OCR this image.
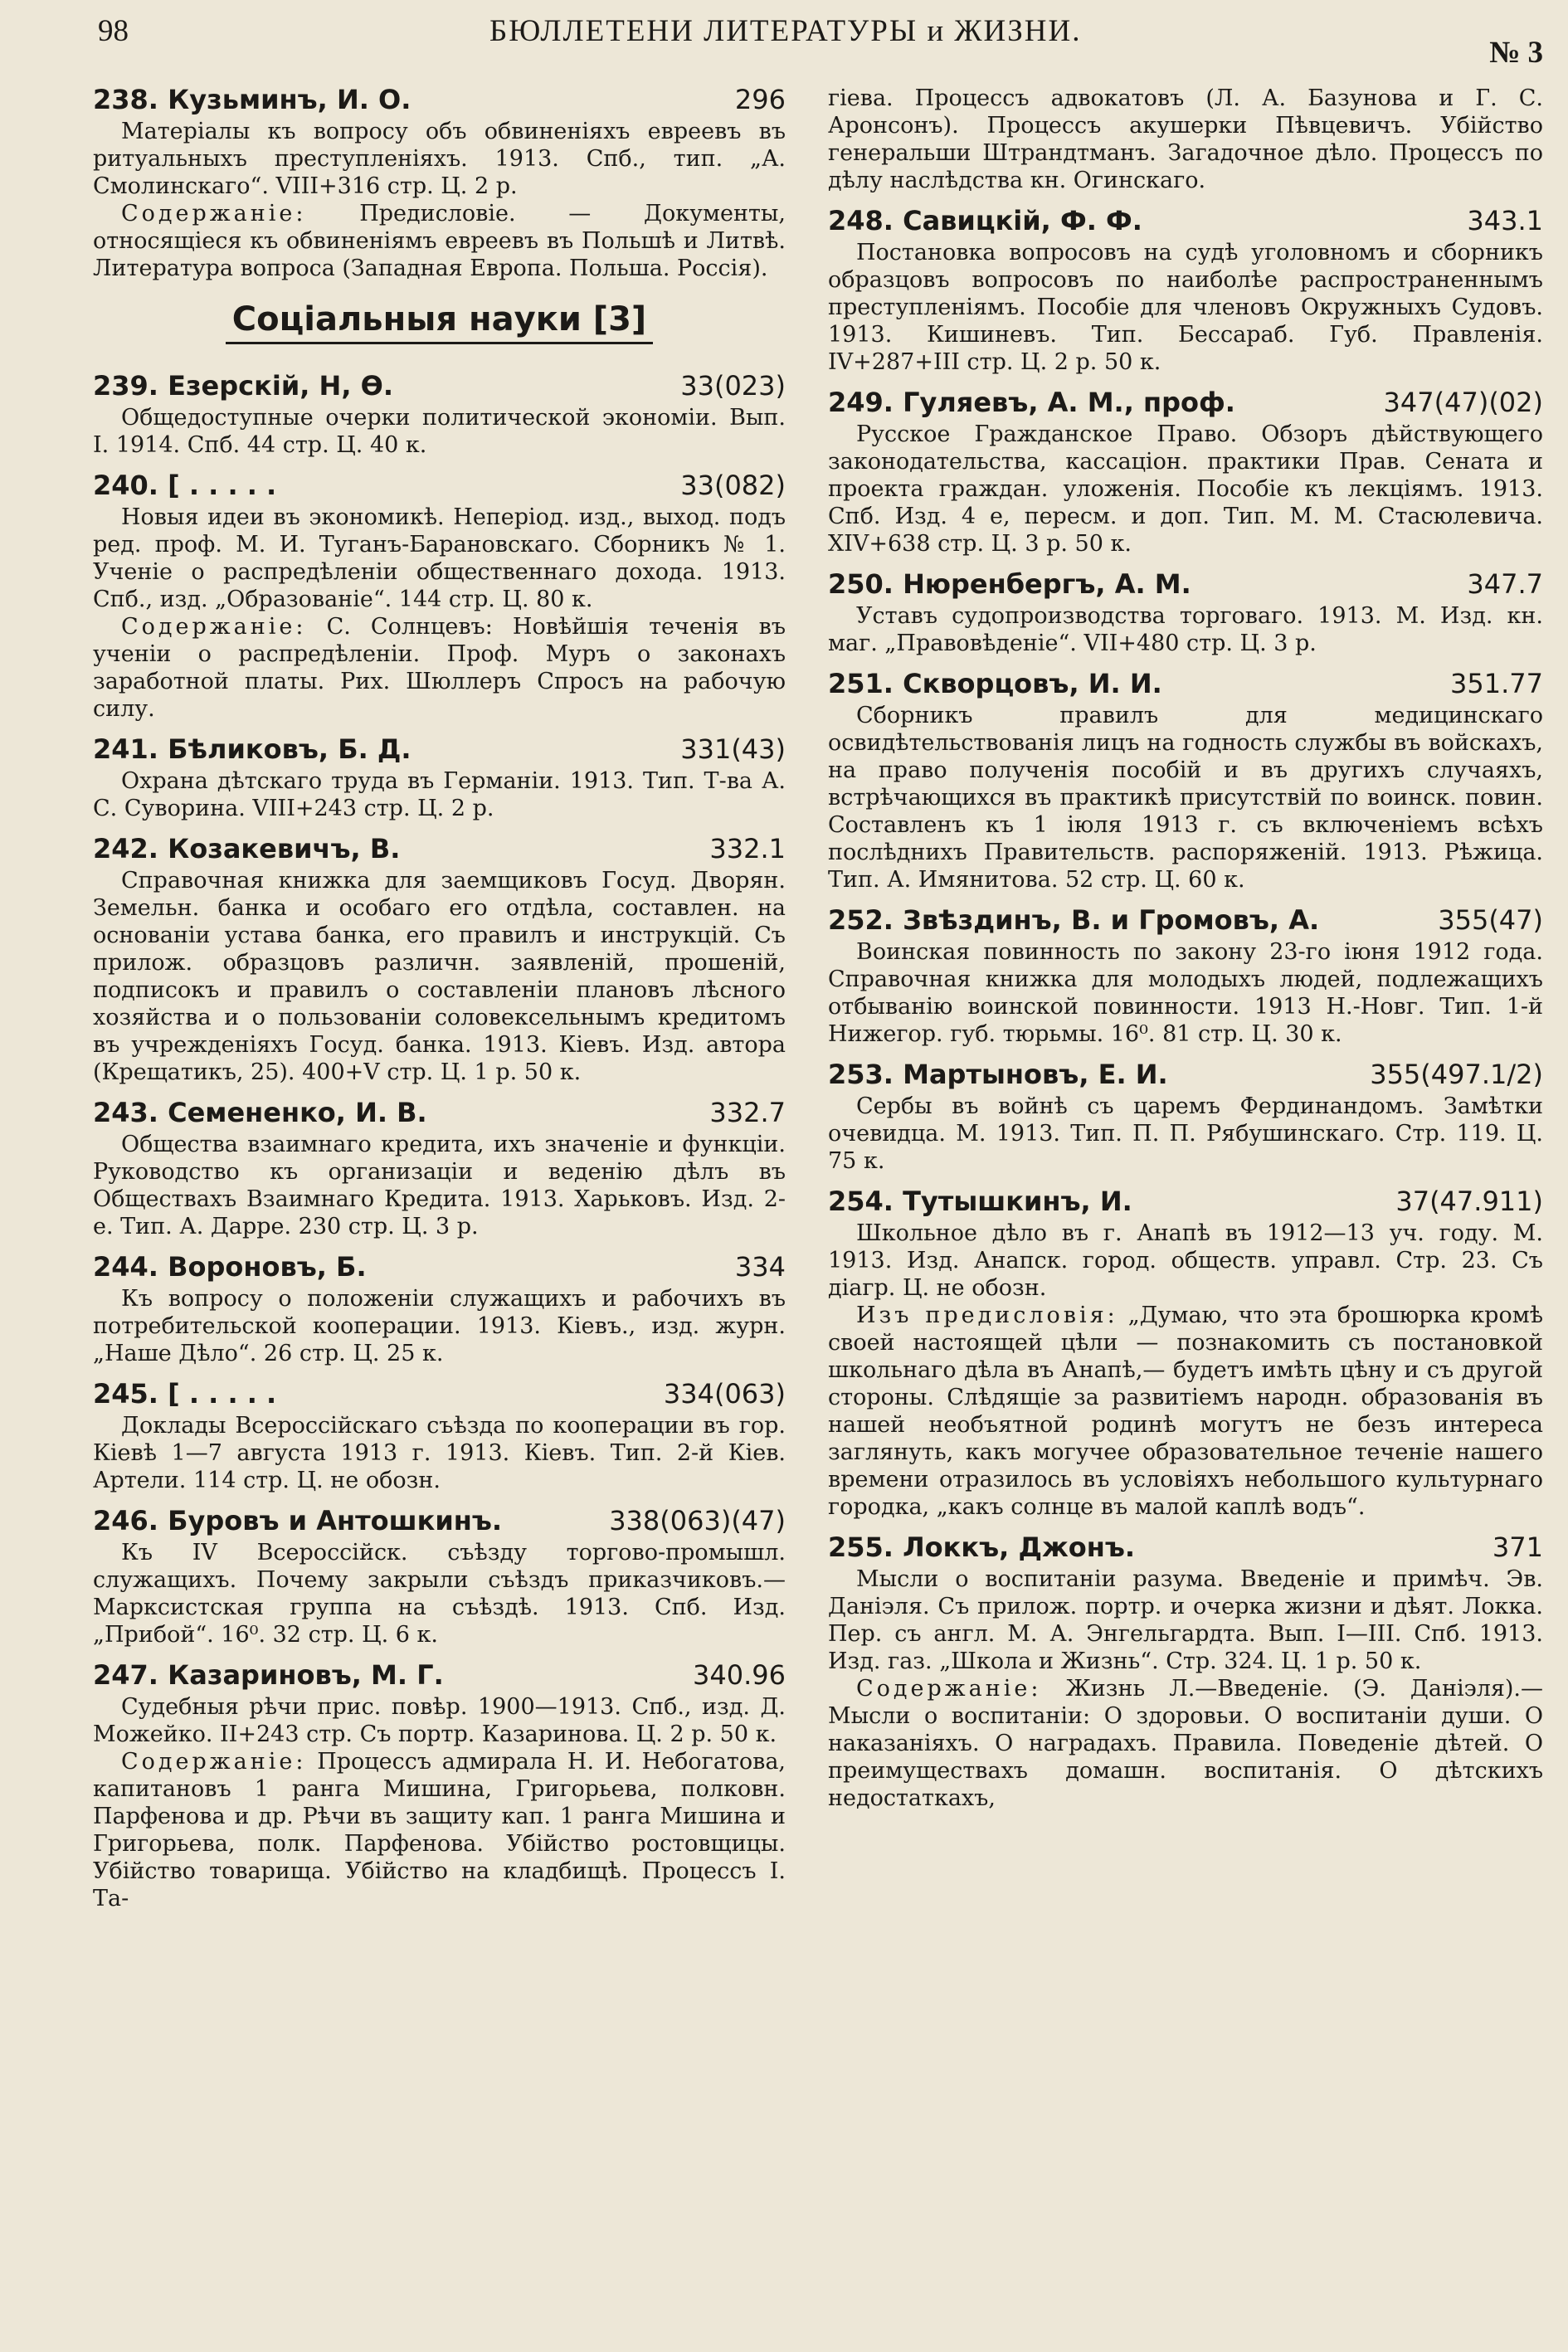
98	БЮЛЛЕТЕНИ ЛИТЕРАТУРЫ и ЖИЗНИ.
№ 3
238. Кузьминъ, И. О.	296

Матеріалы къ вопросу объ обвиненіяхъ евреевъ въ ритуальныхъ преступленіяхъ. 1913. Спб., тип. „А. Смолинскаго“. VIII+316 стр. Ц. 2 р.

Содержаніе: Предисловіе. — Документы, относящіеся къ обвиненіямъ евреевъ въ Польшѣ и Литвѣ. Литература вопроса (Западная Европа. Польша. Россія).

Соціальныя науки [3]
239. Езерскій, Н, Ѳ.	33(023)

Общедоступные очерки политической экономіи. Вып. I. 1914. Спб. 44 стр. Ц. 40 к.

240. [ . . . . .	33(082)

Новыя идеи въ экономикѣ. Непеpioд. изд., выход. подъ ред. проф. М. И. Туганъ-Барановскаго. Сборникъ № 1. Ученіе о распредѣленіи общественнаго дохода. 1913. Спб., изд. „Образованіе“. 144 стр. Ц. 80 к.

Содержаніе: С. Солнцевъ: Новѣйшія теченія въ ученіи о распредѣленіи. Проф. Муръ о законахъ заработной платы. Рих. Шюллеръ Спросъ на рабочую силу.

241. Бѣликовъ, Б. Д.	331(43)

Охрана дѣтскаго труда въ Германіи. 1913. Тип. Т-ва А. С. Суворина. VIII+243 стр. Ц. 2 р.

242. Козакевичъ, В.	332.1

Справочная книжка для заемщиковъ Госуд. Дворян. Земельн. банка и особаго его отдѣла, составлен. на основаніи устава банка, его правилъ и инструкцій. Съ прилож. образцовъ различн. заявленій, прошеній, подписокъ и правилъ о составленіи плановъ лѣсного хозяйства и о пользованіи соловексельнымъ кредитомъ въ учрежденіяхъ Госуд. банка. 1913. Кіевъ. Изд. автора (Крещатикъ, 25). 400+V стр. Ц. 1 р. 50 к.

243. Семененко, И. В.	332.7

Общества взаимнаго кредита, ихъ значеніе и функціи. Руководство къ организаціи и веденію дѣлъ въ Обществахъ Взаимнаго Кредита. 1913. Харьковъ. Изд. 2-е. Тип. А. Дарре. 230 стр. Ц. 3 р.

244. Вороновъ, Б.	334

Къ вопросу о положеніи служащихъ и рабочихъ въ потребительской кооперации. 1913. Кіевъ., изд. журн. „Наше Дѣло“. 26 стр. Ц. 25 к.

245. [ . . . . .	334(063)

Доклады Всероссійскаго съѣзда по кооперации въ гор. Кіевѣ 1—7 августа 1913 г. 1913. Кіевъ. Тип. 2-й Кіев. Артели. 114 стр. Ц. не обозн.

246. Буровъ и Антошкинъ.	338(063)(47)

Къ IV Всероссійск. съѣзду торгово-промышл. служащихъ. Почему закрыли съѣздъ приказчиковъ.—Марксистская группа на съѣздѣ. 1913. Спб. Изд. „Прибой“. 16⁰. 32 стр. Ц. 6 к.

247. Казариновъ, М. Г.	340.96

Судебныя рѣчи прис. повѣр. 1900—1913. Спб., изд. Д. Можейко. II+243 стр. Съ портр. Казаринова. Ц. 2 р. 50 к.

Содержаніе: Процессъ адмирала Н. И. Небогатова, капитановъ 1 ранга Мишина, Григорьева, полковн. Парфенова и др. Рѣчи въ защиту кап. 1 ранга Мишина и Григорьева, полк. Парфенова. Убійство ростовщицы. Убійство товарища. Убійство на кладбищѣ. Процессъ І. Та-

гіева. Процессъ адвокатовъ (Л. А. Базунова и Г. С. Аронсонъ). Процессъ акушерки Пѣвцевичъ. Убійство генеральши Штрандтманъ. Загадочное дѣло. Процессъ по дѣлу наслѣдства кн. Огинскаго.

248. Савицкій, Ф. Ф.	343.1

Постановка вопросовъ на судѣ уголовномъ и сборникъ образцовъ вопросовъ по наиболѣе распространеннымъ преступленіямъ. Пособіе для членовъ Окружныхъ Судовъ. 1913. Кишиневъ. Тип. Бессараб. Губ. Правленія. IV+287+III стр. Ц. 2 р. 50 к.

249. Гуляевъ, А. М., проф.	347(47)(02)

Русское Гражданское Право. Обзоръ дѣйствующего законодательства, кассаціон. практики Прав. Сената и проекта граждан. уложенія. Пособіе къ лекціямъ. 1913. Спб. Изд. 4 е, пересм. и доп. Тип. М. М. Стасюлевича. XIV+638 стр. Ц. 3 р. 50 к.

250. Нюренбергъ, А. М.	347.7

Уставъ судопроизводства торговаго. 1913. М. Изд. кн. маг. „Правовѣденіе“. VII+480 стр. Ц. 3 р.

251. Скворцовъ, И. И.	351.77

Сборникъ правилъ для медицинскаго освидѣтельствованія лицъ на годность службы въ войскахъ, на право полученія пособій и въ другихъ случаяхъ, встрѣчающихся въ практикѣ присутствій по воинск. повин. Составленъ къ 1 іюля 1913 г. съ включеніемъ всѣхъ послѣднихъ Правительств. распоряженій. 1913. Рѣжица. Тип. А. Имянитова. 52 стр. Ц. 60 к.

252. Звѣздинъ, В. и Громовъ, А.	355(47)

Воинская повинность по закону 23-го іюня 1912 года. Справочная книжка для молодыхъ людей, подлежащихъ отбыванію воинской повинности. 1913 Н.-Новг. Тип. 1-й Нижегор. губ. тюрьмы. 16⁰. 81 стр. Ц. 30 к.

253. Мартыновъ, Е. И.	355(497.1/2)

Сербы въ войнѣ съ царемъ Фердинандомъ. Замѣтки очевидца. М. 1913. Тип. П. П. Рябушинскаго. Стр. 119. Ц. 75 к.

254. Тутышкинъ, И.	37(47.911)

Школьное дѣло въ г. Анапѣ въ 1912—13 уч. году. М. 1913. Изд. Анапск. город. обществ. управл. Стр. 23. Съ діагр. Ц. не обозн.

Изъ предисловія: „Думаю, что эта брошюрка кромѣ своей настоящей цѣли — познакомить съ постановкой школьнаго дѣла въ Анапѣ,— будетъ имѣть цѣну и съ другой стороны. Слѣдящіе за развитіемъ народн. образованія въ нашей необъятной родинѣ могутъ не безъ интереса заглянуть, какъ могучее образовательное теченіе нашего времени отразилось въ условіяхъ небольшого культурнаго городка, „какъ солнце въ малой каплѣ водъ“.

255. Локкъ, Джонъ.	371

Мысли о воспитаніи разума. Введеніе и примѣч. Эв. Даніэля. Съ прилож. портр. и очерка жизни и дѣят. Локка. Пер. съ англ. М. А. Энгельгардта. Вып. I—III. Спб. 1913. Изд. газ. „Школа и Жизнь“. Стр. 324. Ц. 1 р. 50 к.

Содержаніе: Жизнь Л.—Введеніе. (Э. Даніэля).—Мысли о воспитаніи: О здоровьи. О воспитаніи души. О наказаніяхъ. О наградахъ. Правила. Поведеніе дѣтей. О преимуществахъ домашн. воспитанія. О дѣтскихъ недостаткахъ,
